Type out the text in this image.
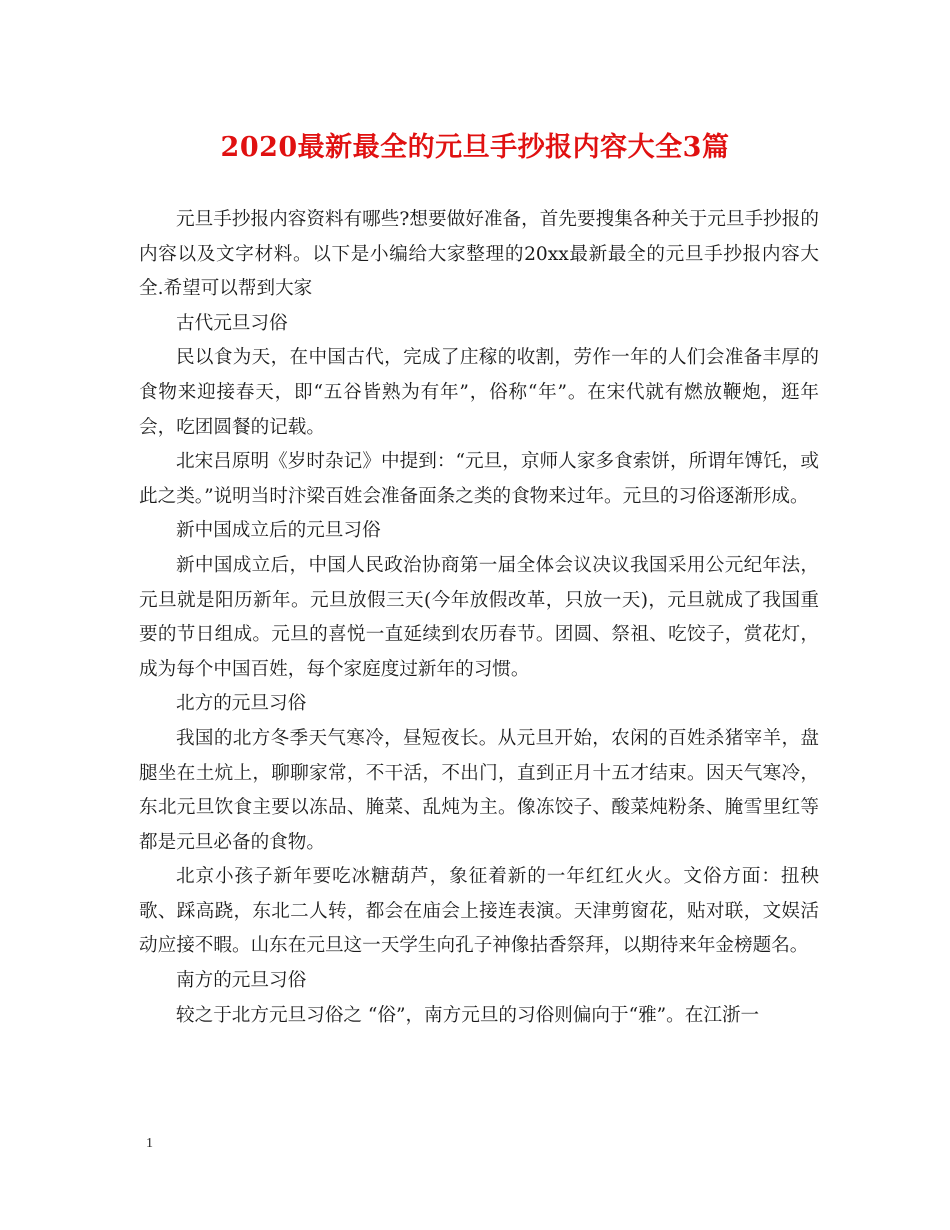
2020最新最全的元旦手抄报内容大全3篇

元旦手抄报内容资料有哪些?想要做好准备，首先要搜集各种关于元旦手抄报的内容以及文字材料。以下是小编给大家整理的20xx最新最全的元旦手抄报内容大全.希望可以帮到大家

古代元旦习俗

民以食为天，在中国古代，完成了庄稼的收割，劳作一年的人们会准备丰厚的食物来迎接春天，即“五谷皆熟为有年”，俗称“年”。在宋代就有燃放鞭炮，逛年会，吃团圆餐的记载。

北宋吕原明《岁时杂记》中提到：“元旦，京师人家多食索饼，所谓年馎饦，或此之类。”说明当时汴梁百姓会准备面条之类的食物来过年。元旦的习俗逐渐形成。

新中国成立后的元旦习俗

新中国成立后，中国人民政治协商第一届全体会议决议我国采用公元纪年法，元旦就是阳历新年。元旦放假三天(今年放假改革，只放一天)，元旦就成了我国重要的节日组成。元旦的喜悦一直延续到农历春节。团圆、祭祖、吃饺子，赏花灯，成为每个中国百姓，每个家庭度过新年的习惯。

北方的元旦习俗

我国的北方冬季天气寒冷，昼短夜长。从元旦开始，农闲的百姓杀猪宰羊，盘腿坐在土炕上，聊聊家常，不干活，不出门，直到正月十五才结束。因天气寒冷，东北元旦饮食主要以冻品、腌菜、乱炖为主。像冻饺子、酸菜炖粉条、腌雪里红等都是元旦必备的食物。

北京小孩子新年要吃冰糖葫芦，象征着新的一年红红火火。文俗方面：扭秧歌、踩高跷，东北二人转，都会在庙会上接连表演。天津剪窗花，贴对联，文娱活动应接不暇。山东在元旦这一天学生向孔子神像拈香祭拜，以期待来年金榜题名。

南方的元旦习俗

较之于北方元旦习俗之 “俗”，南方元旦的习俗则偏向于“雅”。在江浙一

1
